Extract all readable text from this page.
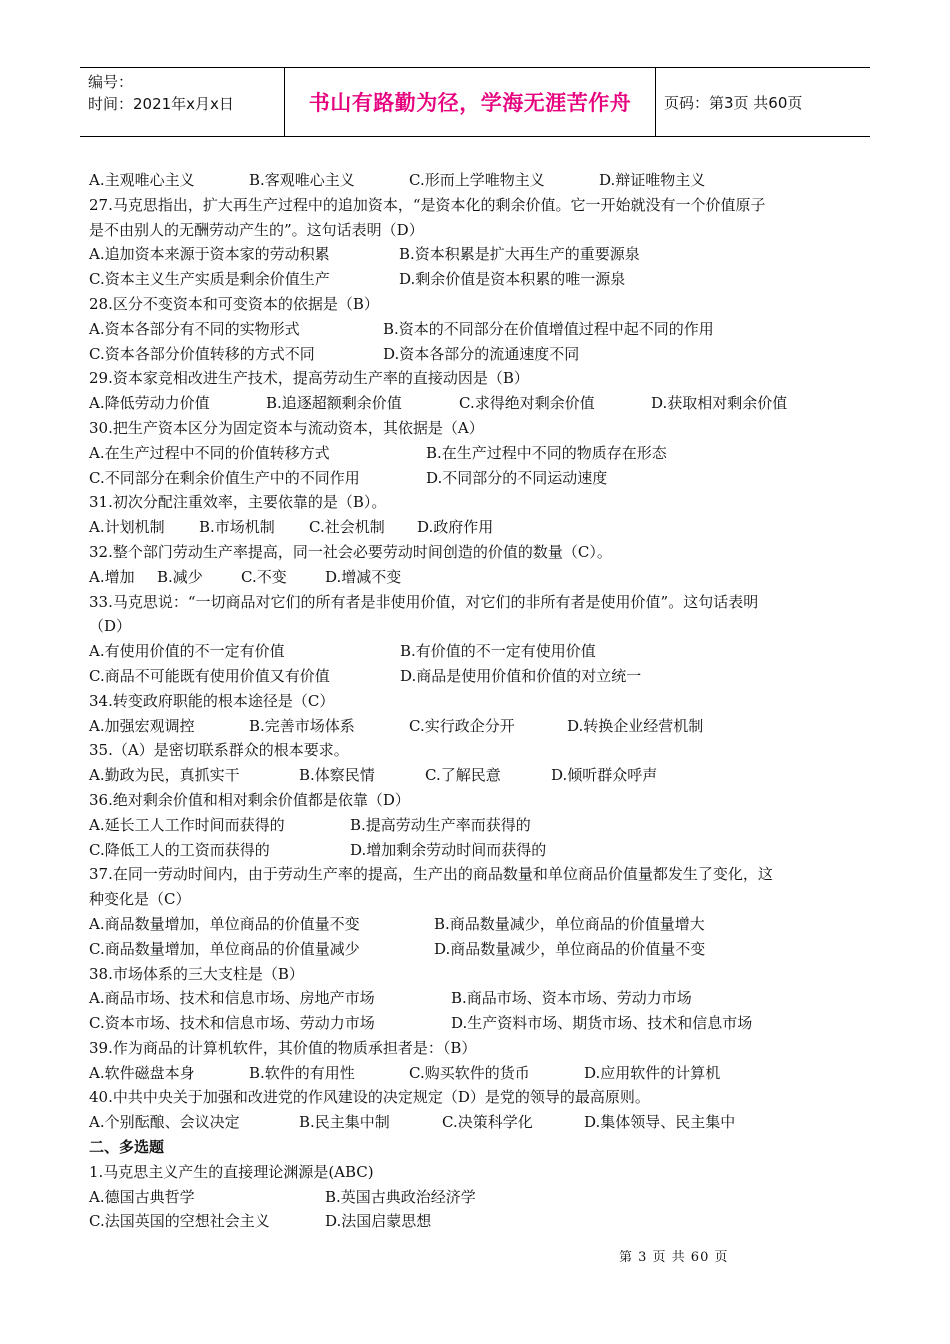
编号：
时间：2021年x月x日	书山有路勤为径，学海无涯苦作舟 页码：第3页 共60页
A.主观唯心主义	B.客观唯心主义	C.形而上学唯物主义	D.辩证唯物主义
27.马克思指出，扩大再生产过程中的追加资本，“是资本化的剩余价值。它一开始就没有一个价值原子
是不由别人的无酬劳动产生的”。这句话表明（D）
A.追加资本来源于资本家的劳动积累	B.资本积累是扩大再生产的重要源泉
C.资本主义生产实质是剩余价值生产	D.剩余价值是资本积累的唯一源泉
28.区分不变资本和可变资本的依据是（B）
A.资本各部分有不同的实物形式	B.资本的不同部分在价值增值过程中起不同的作用
C.资本各部分价值转移的方式不同	D.资本各部分的流通速度不同
29.资本家竞相改进生产技术，提高劳动生产率的直接动因是（B）
A.降低劳动力价值	B.追逐超额剩余价值	C.求得绝对剩余价值	D.获取相对剩余价值
30.把生产资本区分为固定资本与流动资本，其依据是（A）
A.在生产过程中不同的价值转移方式	B.在生产过程中不同的物质存在形态
C.不同部分在剩余价值生产中的不同作用	D.不同部分的不同运动速度
31.初次分配注重效率，主要依靠的是（B）。
A.计划机制	B.市场机制	C.社会机制	D.政府作用
32.整个部门劳动生产率提高，同一社会必要劳动时间创造的价值的数量（C）。
A.增加	B.减少	C.不变	D.增减不变
33.马克思说：“一切商品对它们的所有者是非使用价值，对它们的非所有者是使用价值”。这句话表明
（D）
A.有使用价值的不一定有价值	B.有价值的不一定有使用价值
C.商品不可能既有使用价值又有价值	D.商品是使用价值和价值的对立统一
34.转变政府职能的根本途径是（C）
A.加强宏观调控	B.完善市场体系	C.实行政企分开	D.转换企业经营机制
35.（A）是密切联系群众的根本要求。
A.勤政为民，真抓实干	B.体察民情	C.了解民意	D.倾听群众呼声
36.绝对剩余价值和相对剩余价值都是依靠（D）
A.延长工人工作时间而获得的	B.提高劳动生产率而获得的
C.降低工人的工资而获得的	D.增加剩余劳动时间而获得的
37.在同一劳动时间内，由于劳动生产率的提高，生产出的商品数量和单位商品价值量都发生了变化，这
种变化是（C）
A.商品数量增加，单位商品的价值量不变	B.商品数量减少，单位商品的价值量增大
C.商品数量增加，单位商品的价值量减少	D.商品数量减少，单位商品的价值量不变
38.市场体系的三大支柱是（B）
A.商品市场、技术和信息市场、房地产市场	B.商品市场、资本市场、劳动力市场
C.资本市场、技术和信息市场、劳动力市场	D.生产资料市场、期货市场、技术和信息市场
39.作为商品的计算机软件，其价值的物质承担者是：（B）
A.软件磁盘本身	B.软件的有用性	C.购买软件的货币	D.应用软件的计算机
40.中共中央关于加强和改进党的作风建设的决定规定（D）是党的领导的最高原则。
A.个别酝酿、会议决定	B.民主集中制	C.决策科学化	D.集体领导、民主集中
二、多选题
1.马克思主义产生的直接理论渊源是(ABC)
A.德国古典哲学	B.英国古典政治经济学
C.法国英国的空想社会主义	D.法国启蒙思想
第 3 页 共 60 页
